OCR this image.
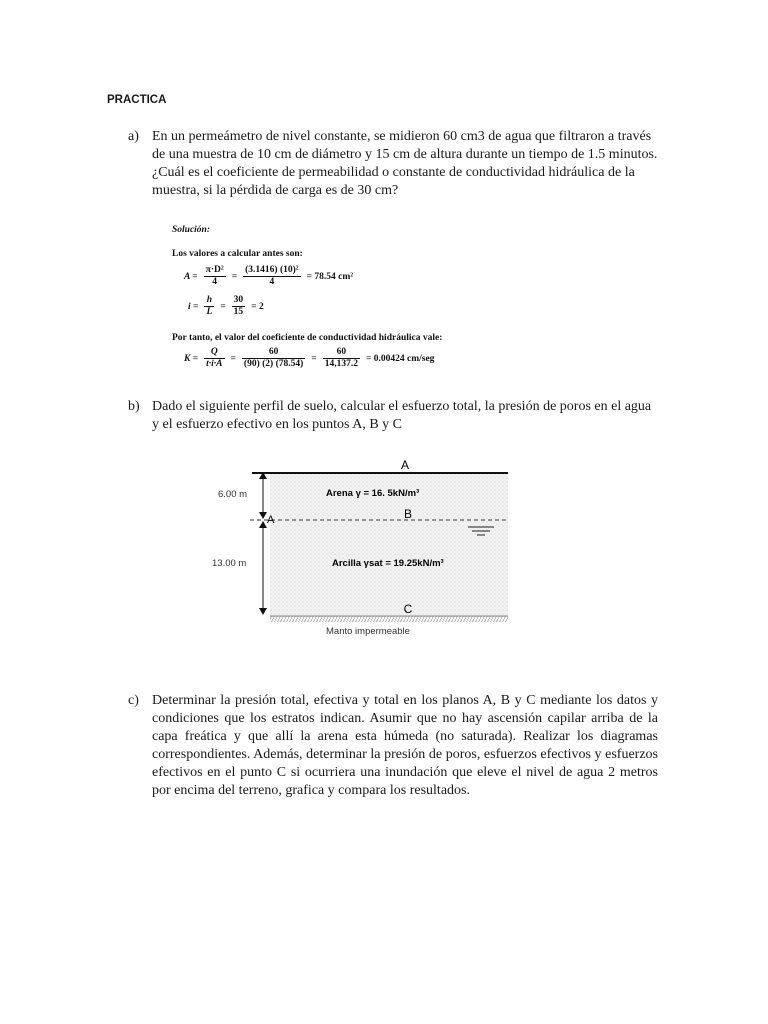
PRACTICA
a) En un permeámetro de nivel constante, se midieron 60 cm3 de agua que filtraron a través de una muestra de 10 cm de diámetro y 15 cm de altura durante un tiempo de 1.5 minutos. ¿Cuál es el coeficiente de permeabilidad o constante de conductividad hidráulica de la muestra, si la pérdida de carga es de 30 cm?
Solución:
Los valores a calcular antes son:
$A = \frac{\text{π·D²}}{4} = \frac{\text{(3.1416) (10)²}}{4} = 78.54$ cm²
$i = \frac{h}{L} = \frac{30}{15} = 2$
Por tanto, el valor del coeficiente de conductividad hidráulica vale:
$K = \frac{Q}{t\cdot i\cdot A} = \frac{60}{(90) (2) (78.54)} = \frac{60}{14,137.2} = 0.00424$ cm/seg
b) Dado el siguiente perfil de suelo, calcular el esfuerzo total, la presión de poros en el agua y el esfuerzo efectivo en los puntos A, B y C
A
B
C
A
6.00 m
13.00 m
Arena γ = 16. 5kN/m³
Arcilla γsat = 19.25kN/m³
Manto impermeable
c) Determinar la presión total, efectiva y total en los planos A, B y C mediante los datos y condiciones que los estratos indican. Asumir que no hay ascensión capilar arriba de la capa freática y que allí la arena esta húmeda (no saturada). Realizar los diagramas correspondientes. Además, determinar la presión de poros, esfuerzos efectivos y esfuerzos efectivos en el punto C si ocurriera una inundación que eleve el nivel de agua 2 metros por encima del terreno, grafica y compara los resultados.
